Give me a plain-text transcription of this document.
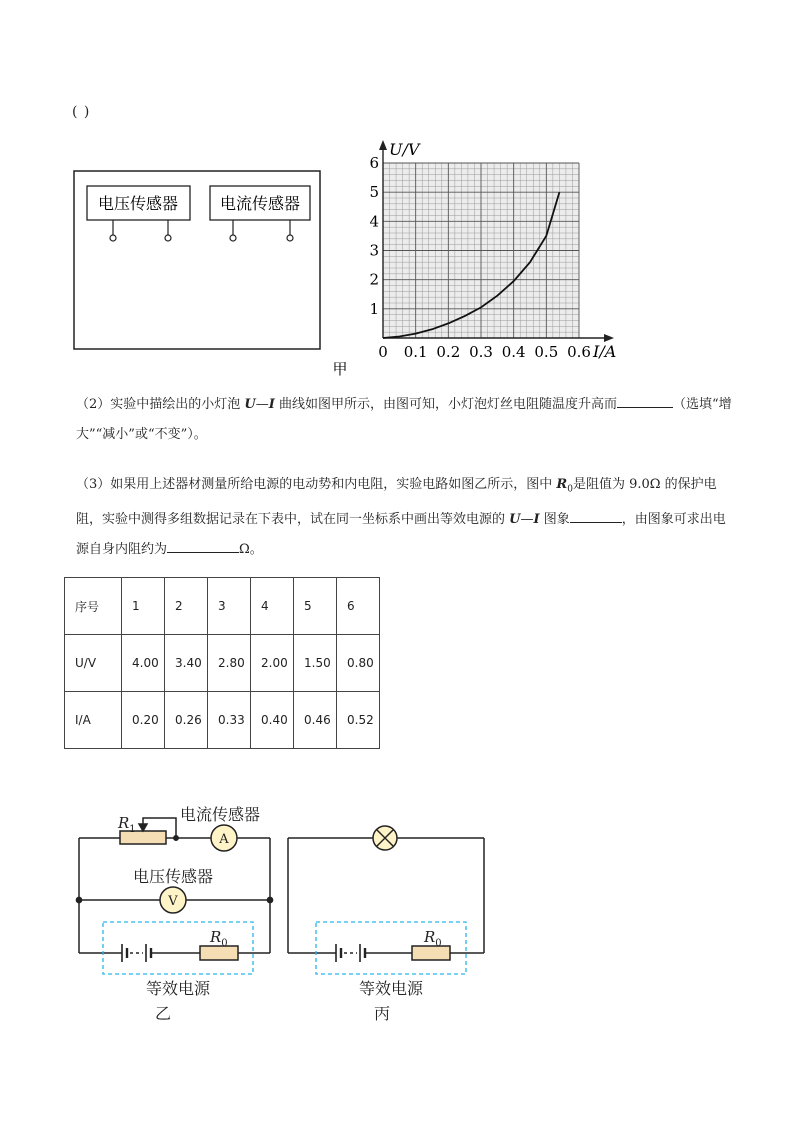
( )
电压传感器	电流传感器
甲
1
2
3
4
5
6
0 0.1 0.2 0.3 0.4 0.5 0.6
U/V
I/A
$R_1$
电流传感器
A
电压传感器
V
$R_0$
等效电源
乙
$R_0$
等效电源
丙

（2）实验中描绘出的小灯泡 U—I 曲线如图甲所示，由图可知，小灯泡灯丝电阻随温度升高而	（选填“增大”“减小”或“不变”）。

（3）如果用上述器材测量所给电源的电动势和内电阻，实验电路如图乙所示，图中 $R_0$是阻值为 9.0Ω 的保护电阻，实验中测得多组数据记录在下表中，试在同一坐标系中画出等效电源的 U—I 图象	，由图象可求出电源自身内阻约为	Ω。

序号	1	2	3	4	5	6
U/V	4.00	3.40	2.80	2.00	1.50	0.80
I/A	0.20	0.26	0.33	0.40	0.46	0.52
